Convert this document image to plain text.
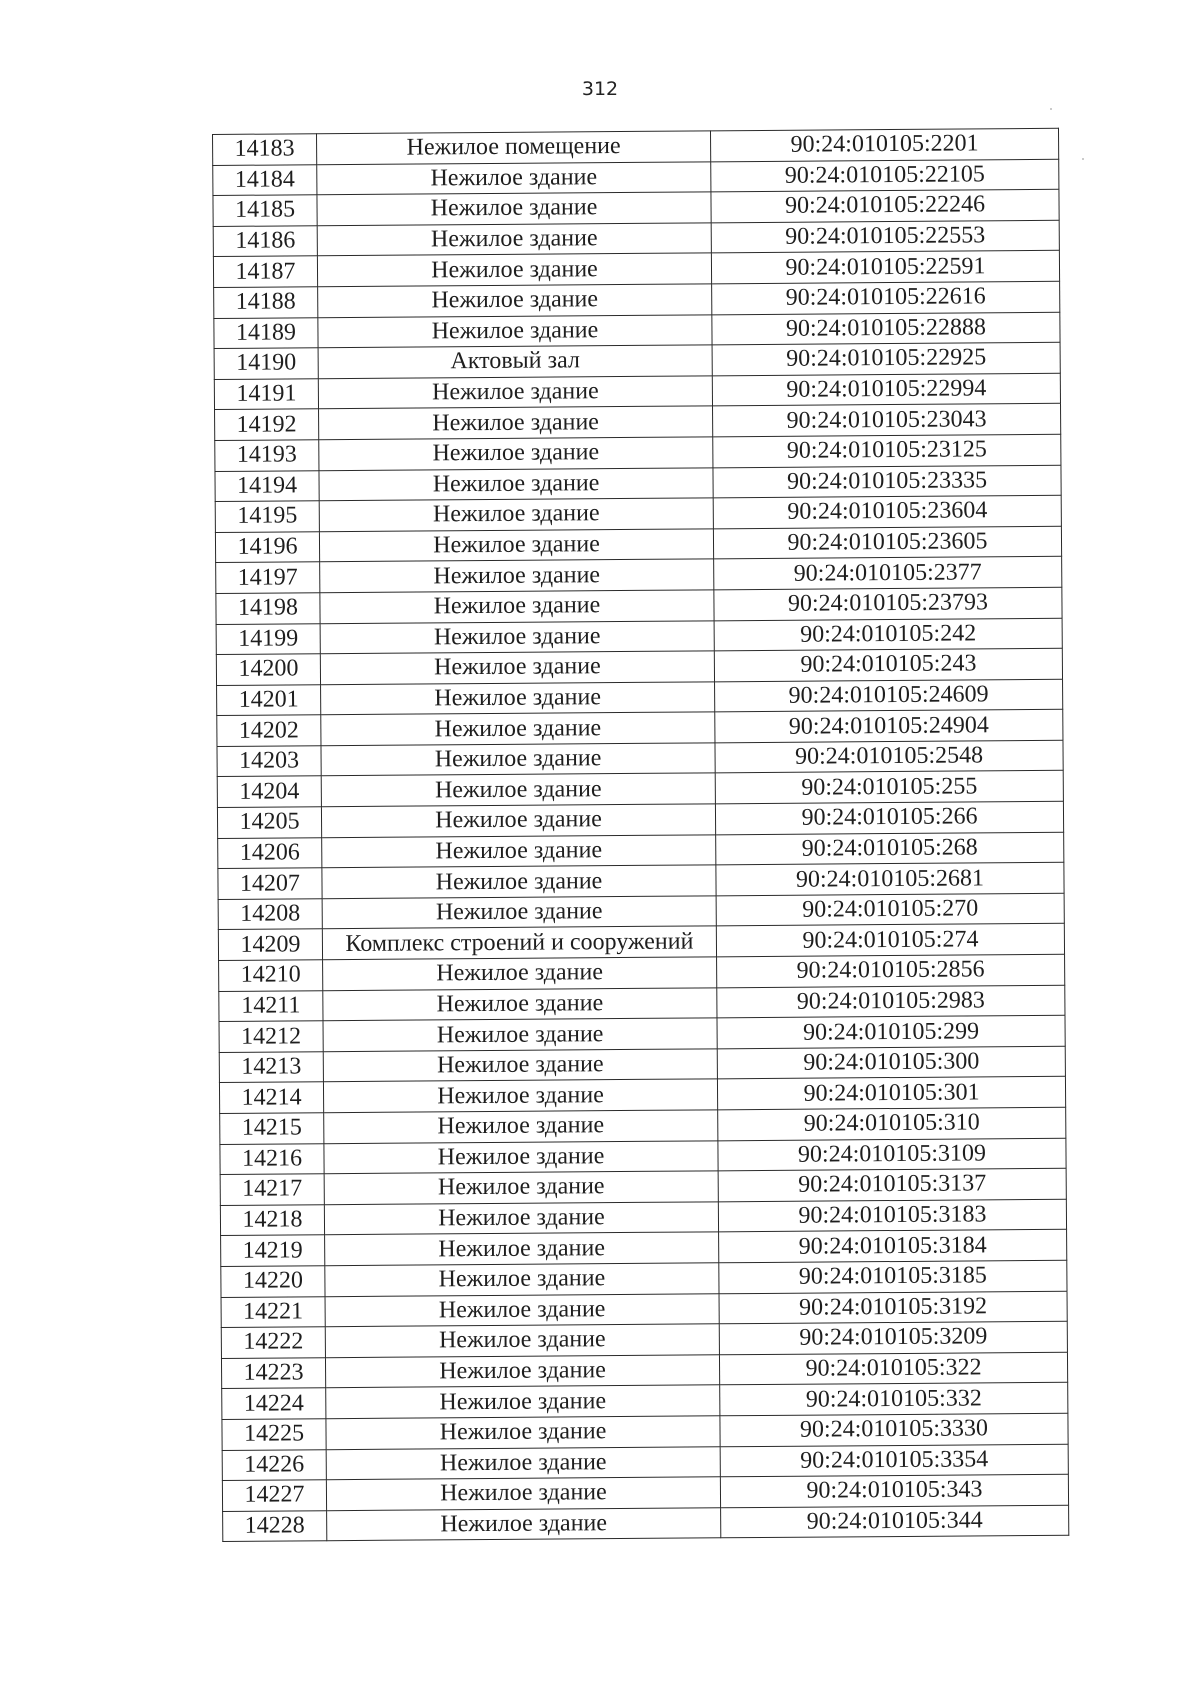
312
14183	Нежилое помещение	90:24:010105:2201
14184	Нежилое здание	90:24:010105:22105
14185	Нежилое здание	90:24:010105:22246
14186	Нежилое здание	90:24:010105:22553
14187	Нежилое здание	90:24:010105:22591
14188	Нежилое здание	90:24:010105:22616
14189	Нежилое здание	90:24:010105:22888
14190	Актовый зал	90:24:010105:22925
14191	Нежилое здание	90:24:010105:22994
14192	Нежилое здание	90:24:010105:23043
14193	Нежилое здание	90:24:010105:23125
14194	Нежилое здание	90:24:010105:23335
14195	Нежилое здание	90:24:010105:23604
14196	Нежилое здание	90:24:010105:23605
14197	Нежилое здание	90:24:010105:2377
14198	Нежилое здание	90:24:010105:23793
14199	Нежилое здание	90:24:010105:242
14200	Нежилое здание	90:24:010105:243
14201	Нежилое здание	90:24:010105:24609
14202	Нежилое здание	90:24:010105:24904
14203	Нежилое здание	90:24:010105:2548
14204	Нежилое здание	90:24:010105:255
14205	Нежилое здание	90:24:010105:266
14206	Нежилое здание	90:24:010105:268
14207	Нежилое здание	90:24:010105:2681
14208	Нежилое здание	90:24:010105:270
14209	Комплекс строений и сооружений	90:24:010105:274
14210	Нежилое здание	90:24:010105:2856
14211	Нежилое здание	90:24:010105:2983
14212	Нежилое здание	90:24:010105:299
14213	Нежилое здание	90:24:010105:300
14214	Нежилое здание	90:24:010105:301
14215	Нежилое здание	90:24:010105:310
14216	Нежилое здание	90:24:010105:3109
14217	Нежилое здание	90:24:010105:3137
14218	Нежилое здание	90:24:010105:3183
14219	Нежилое здание	90:24:010105:3184
14220	Нежилое здание	90:24:010105:3185
14221	Нежилое здание	90:24:010105:3192
14222	Нежилое здание	90:24:010105:3209
14223	Нежилое здание	90:24:010105:322
14224	Нежилое здание	90:24:010105:332
14225	Нежилое здание	90:24:010105:3330
14226	Нежилое здание	90:24:010105:3354
14227	Нежилое здание	90:24:010105:343
14228	Нежилое здание	90:24:010105:344
